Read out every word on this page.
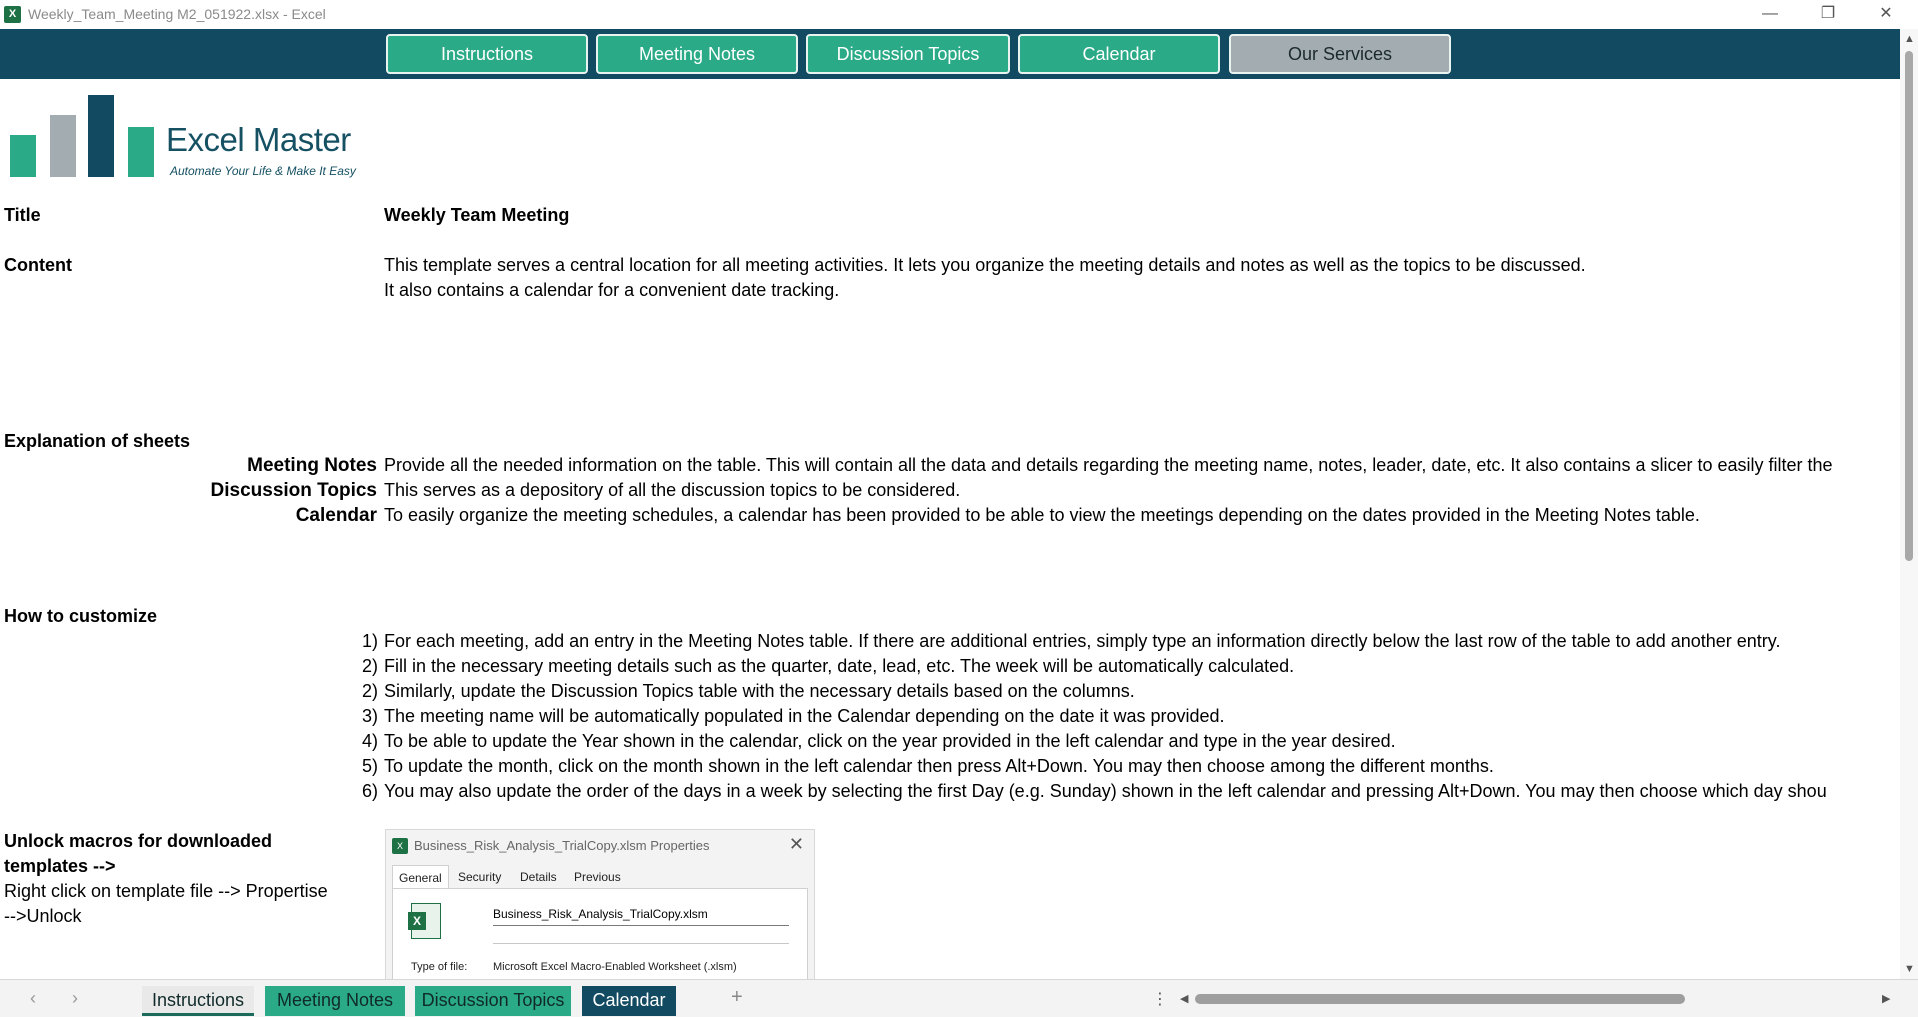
X Weekly_Team_Meeting M2_051922.xlsx - Excel	—	❐	✕
Instructions	Meeting Notes	Discussion Topics	Calendar	Our Services
Excel Master
Automate Your Life & Make It Easy
Title	Weekly Team Meeting
Content	This template serves a central location for all meeting activities. It lets you organize the meeting details and notes as well as the topics to be discussed.
It also contains a calendar for a convenient date tracking.
Explanation of sheets
Meeting Notes Provide all the needed information on the table. This will contain all the data and details regarding the meeting name, notes, leader, date, etc. It also contains a slicer to easily filter the
Discussion Topics This serves as a depository of all the discussion topics to be considered.
Calendar To easily organize the meeting schedules, a calendar has been provided to be able to view the meetings depending on the dates provided in the Meeting Notes table.
How to customize
1) For each meeting, add an entry in the Meeting Notes table. If there are additional entries, simply type an information directly below the last row of the table to add another entry.
2) Fill in the necessary meeting details such as the quarter, date, lead, etc. The week will be automatically calculated.
2) Similarly, update the Discussion Topics table with the necessary details based on the columns.
3) The meeting name will be automatically populated in the Calendar depending on the date it was provided.
4) To be able to update the Year shown in the calendar, click on the year provided in the left calendar and type in the year desired.
5) To update the month, click on the month shown in the left calendar then press Alt+Down. You may then choose among the different months.
6) You may also update the order of the days in a week by selecting the first Day (e.g. Sunday) shown in the left calendar and pressing Alt+Down. You may then choose which day shou
Unlock macros for downloaded
templates -->
Right click on template file --> Propertise
-->Unlock
X Business_Risk_Analysis_TrialCopy.xlsm Properties	✕
General	Security	Details	Previous
X	Business_Risk_Analysis_TrialCopy.xlsm
Type of file: Microsoft Excel Macro-Enabled Worksheet (.xlsm)
▲
▼
‹ ›	Instructions	Meeting Notes	Discussion Topics	Calendar	+	⋮ ◀	▶
